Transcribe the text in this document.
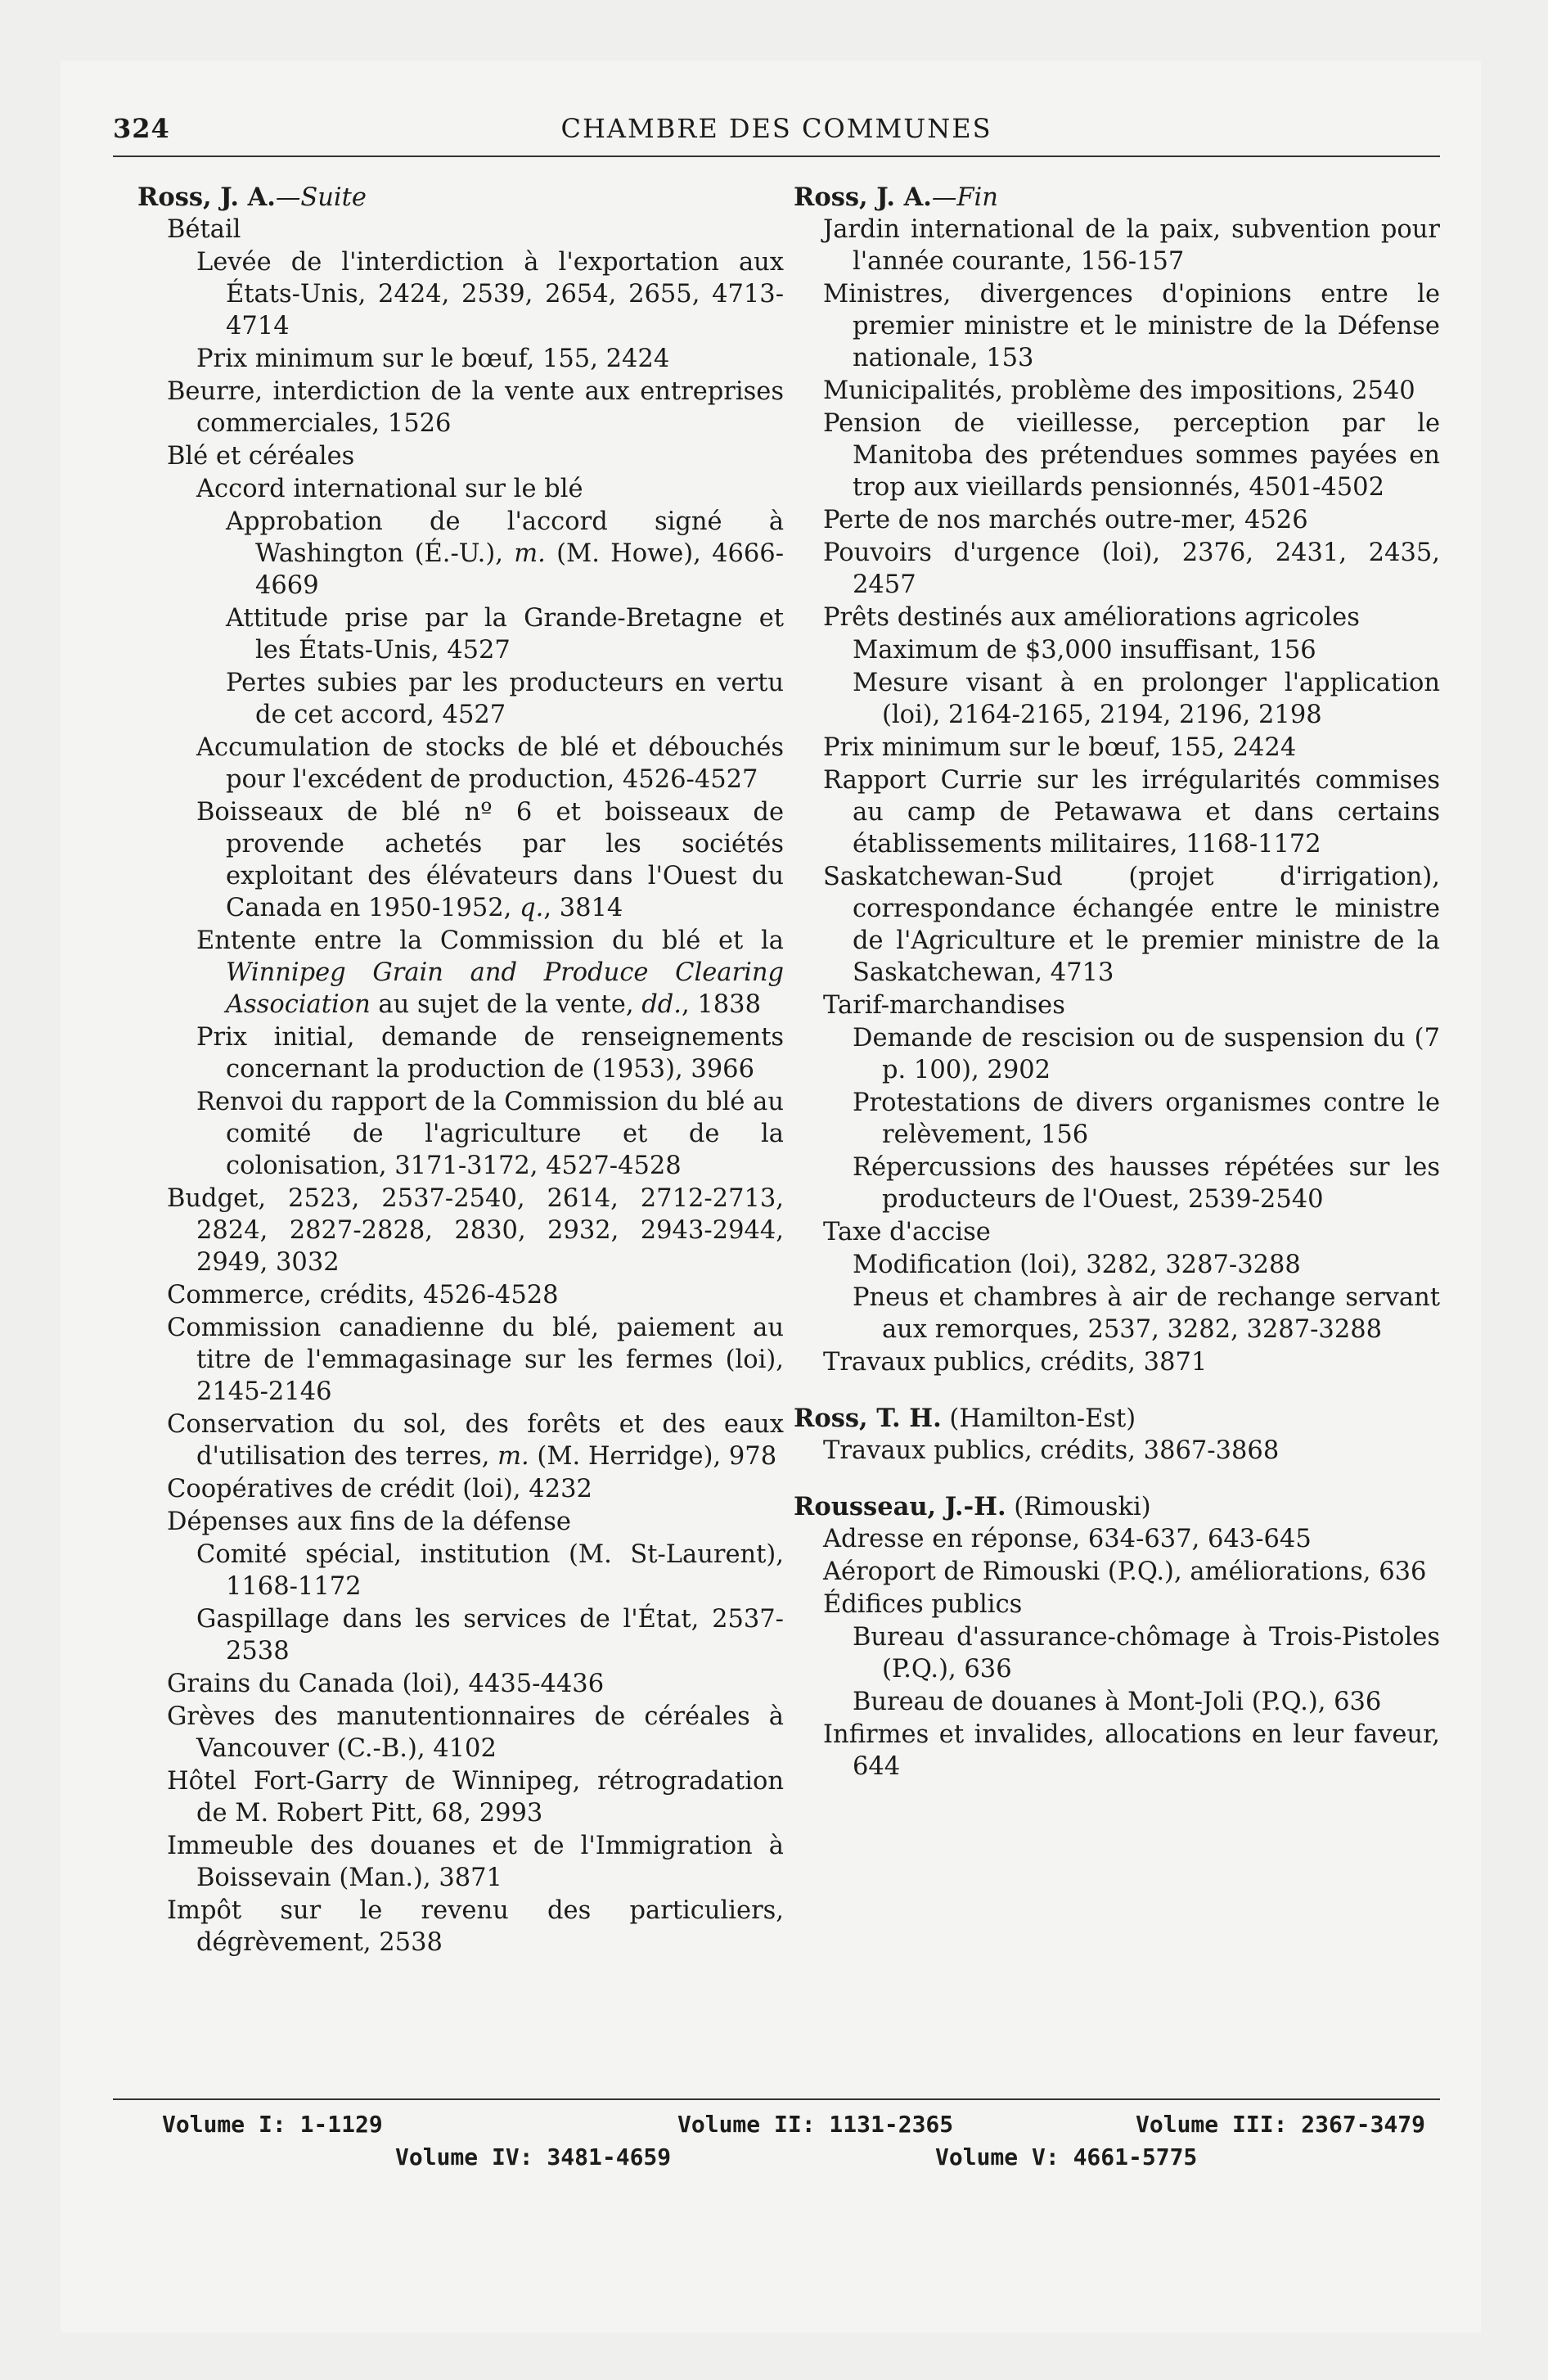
324	CHAMBRE DES COMMUNES

Ross, J. A.—Suite

Bétail

Levée de l'interdiction à l'exportation aux États-Unis, 2424, 2539, 2654, 2655, 4713-4714

Prix minimum sur le bœuf, 155, 2424

Beurre, interdiction de la vente aux entreprises commerciales, 1526

Blé et céréales

Accord international sur le blé

Approbation de l'accord signé à Washington (É.-U.), m. (M. Howe), 4666-4669

Attitude prise par la Grande-Bretagne et les États-Unis, 4527

Pertes subies par les producteurs en vertu de cet accord, 4527

Accumulation de stocks de blé et débouchés pour l'excédent de production, 4526-4527

Boisseaux de blé nº 6 et boisseaux de provende achetés par les sociétés exploitant des élévateurs dans l'Ouest du Canada en 1950-1952, q., 3814

Entente entre la Commission du blé et la Winnipeg Grain and Produce Clearing Association au sujet de la vente, dd., 1838

Prix initial, demande de renseignements concernant la production de (1953), 3966

Renvoi du rapport de la Commission du blé au comité de l'agriculture et de la colonisation, 3171-3172, 4527-4528

Budget, 2523, 2537-2540, 2614, 2712-2713, 2824, 2827-2828, 2830, 2932, 2943-2944, 2949, 3032

Commerce, crédits, 4526-4528

Commission canadienne du blé, paiement au titre de l'emmagasinage sur les fermes (loi), 2145-2146

Conservation du sol, des forêts et des eaux d'utilisation des terres, m. (M. Herridge), 978

Coopératives de crédit (loi), 4232

Dépenses aux fins de la défense

Comité spécial, institution (M. St-Laurent), 1168-1172

Gaspillage dans les services de l'État, 2537-2538

Grains du Canada (loi), 4435-4436

Grèves des manutentionnaires de céréales à Vancouver (C.-B.), 4102

Hôtel Fort-Garry de Winnipeg, rétrogradation de M. Robert Pitt, 68, 2993

Immeuble des douanes et de l'Immigration à Boissevain (Man.), 3871

Impôt sur le revenu des particuliers, dégrèvement, 2538

Ross, J. A.—Fin

Jardin international de la paix, subvention pour l'année courante, 156-157

Ministres, divergences d'opinions entre le premier ministre et le ministre de la Défense nationale, 153

Municipalités, problème des impositions, 2540

Pension de vieillesse, perception par le Manitoba des prétendues sommes payées en trop aux vieillards pensionnés, 4501-4502

Perte de nos marchés outre-mer, 4526

Pouvoirs d'urgence (loi), 2376, 2431, 2435, 2457

Prêts destinés aux améliorations agricoles

Maximum de $3,000 insuffisant, 156

Mesure visant à en prolonger l'application (loi), 2164-2165, 2194, 2196, 2198

Prix minimum sur le bœuf, 155, 2424

Rapport Currie sur les irrégularités commises au camp de Petawawa et dans certains établissements militaires, 1168-1172

Saskatchewan-Sud (projet d'irrigation), correspondance échangée entre le ministre de l'Agriculture et le premier ministre de la Saskatchewan, 4713

Tarif-marchandises

Demande de rescision ou de suspension du (7 p. 100), 2902

Protestations de divers organismes contre le relèvement, 156

Répercussions des hausses répétées sur les producteurs de l'Ouest, 2539-2540

Taxe d'accise

Modification (loi), 3282, 3287-3288

Pneus et chambres à air de rechange servant aux remorques, 2537, 3282, 3287-3288

Travaux publics, crédits, 3871

Ross, T. H. (Hamilton-Est)

Travaux publics, crédits, 3867-3868

Rousseau, J.-H. (Rimouski)

Adresse en réponse, 634-637, 643-645

Aéroport de Rimouski (P.Q.), améliorations, 636

Édifices publics

Bureau d'assurance-chômage à Trois-Pistoles (P.Q.), 636

Bureau de douanes à Mont-Joli (P.Q.), 636

Infirmes et invalides, allocations en leur faveur, 644

Volume I: 1-1129	Volume II: 1131-2365	Volume III: 2367-3479
Volume IV: 3481-4659	Volume V: 4661-5775
